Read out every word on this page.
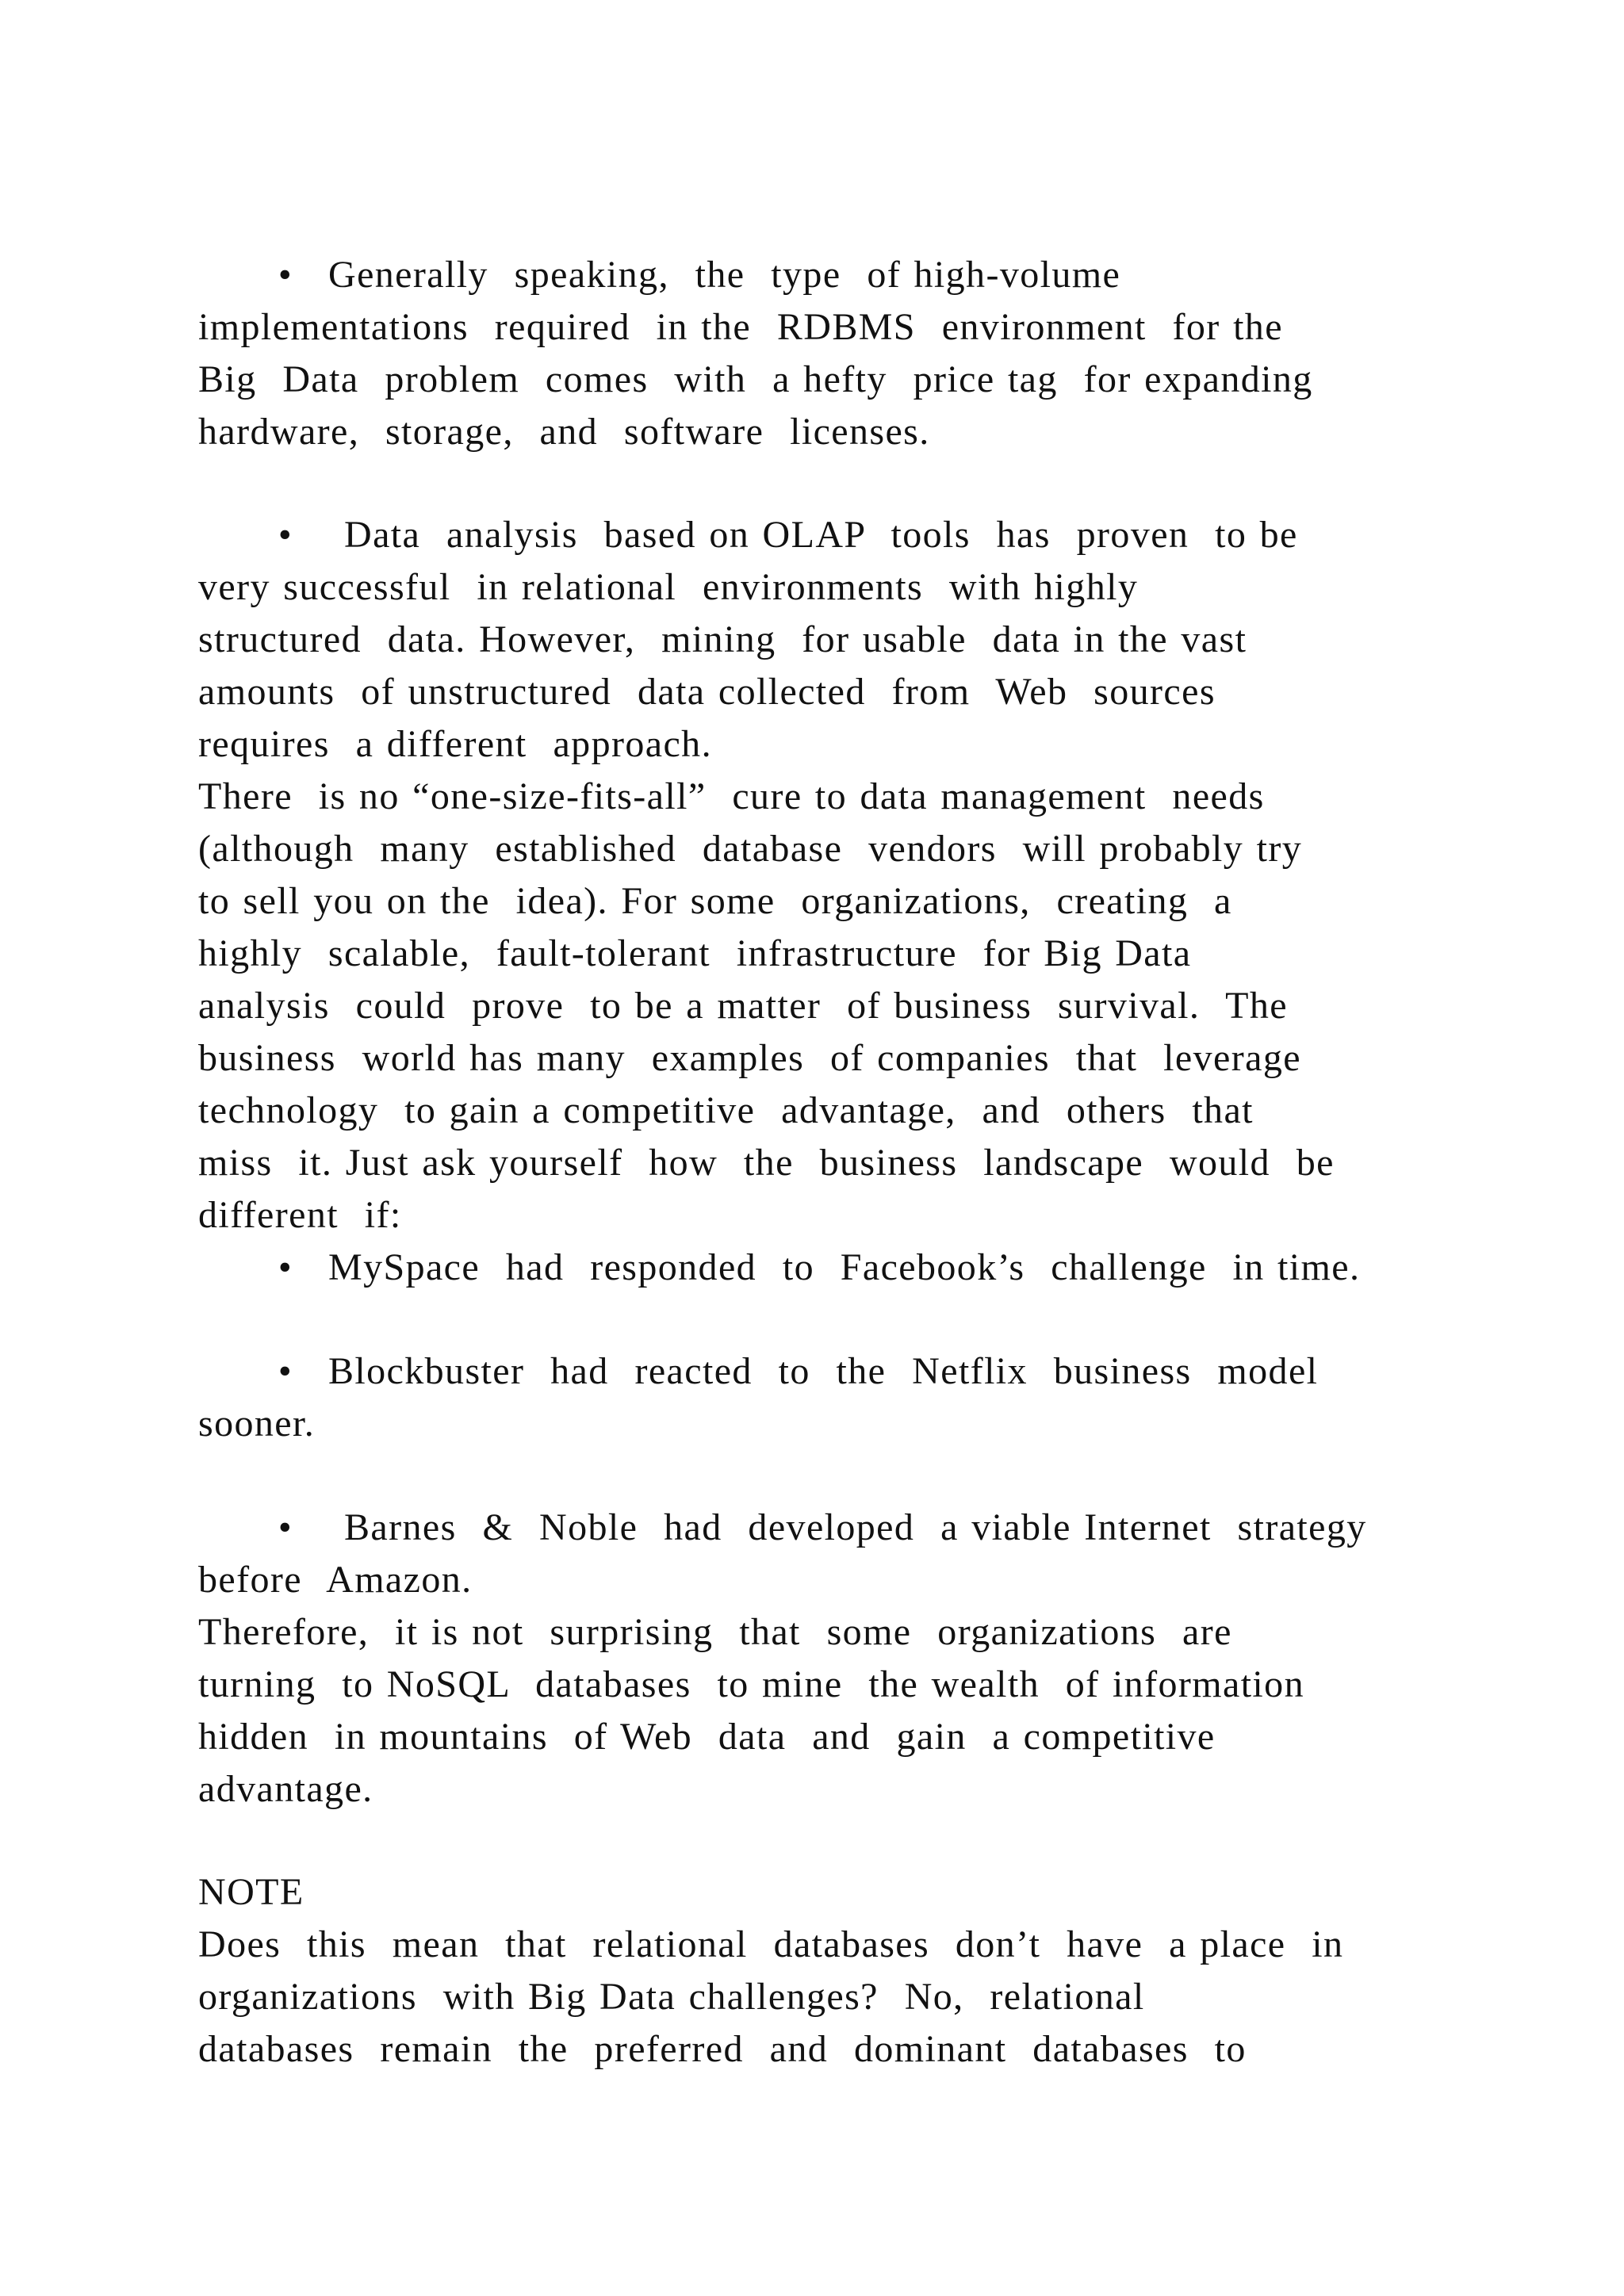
• Generally  speaking,  the  type  of high-volume

implementations  required  in the  RDBMS  environment  for the

Big  Data  problem  comes  with  a hefty  price tag  for expanding

hardware,  storage,  and  software  licenses.

• Data  analysis  based on OLAP  tools  has  proven  to be

very successful  in relational  environments  with highly

structured  data. However,  mining  for usable  data in the vast

amounts  of unstructured  data collected  from  Web  sources

requires  a different  approach.

There  is no “one-size-fits-all”  cure to data management  needs

(although  many  established  database  vendors  will probably try

to sell you on the  idea). For some  organizations,  creating  a

highly  scalable,  fault-tolerant  infrastructure  for Big Data

analysis  could  prove  to be a matter  of business  survival.  The

business  world has many  examples  of companies  that  leverage

technology  to gain a competitive  advantage,  and  others  that

miss  it. Just ask yourself  how  the  business  landscape  would  be

different  if:

• MySpace  had  responded  to  Facebook’s  challenge  in time.

• Blockbuster  had  reacted  to  the  Netflix  business  model

sooner.

• Barnes  &  Noble  had  developed  a viable Internet  strategy

before  Amazon.

Therefore,  it is not  surprising  that  some  organizations  are

turning  to NoSQL  databases  to mine  the wealth  of information

hidden  in mountains  of Web  data  and  gain  a competitive

advantage.

NOTE

Does  this  mean  that  relational  databases  don’t  have  a place  in

organizations  with Big Data challenges?  No,  relational

databases  remain  the  preferred  and  dominant  databases  to
